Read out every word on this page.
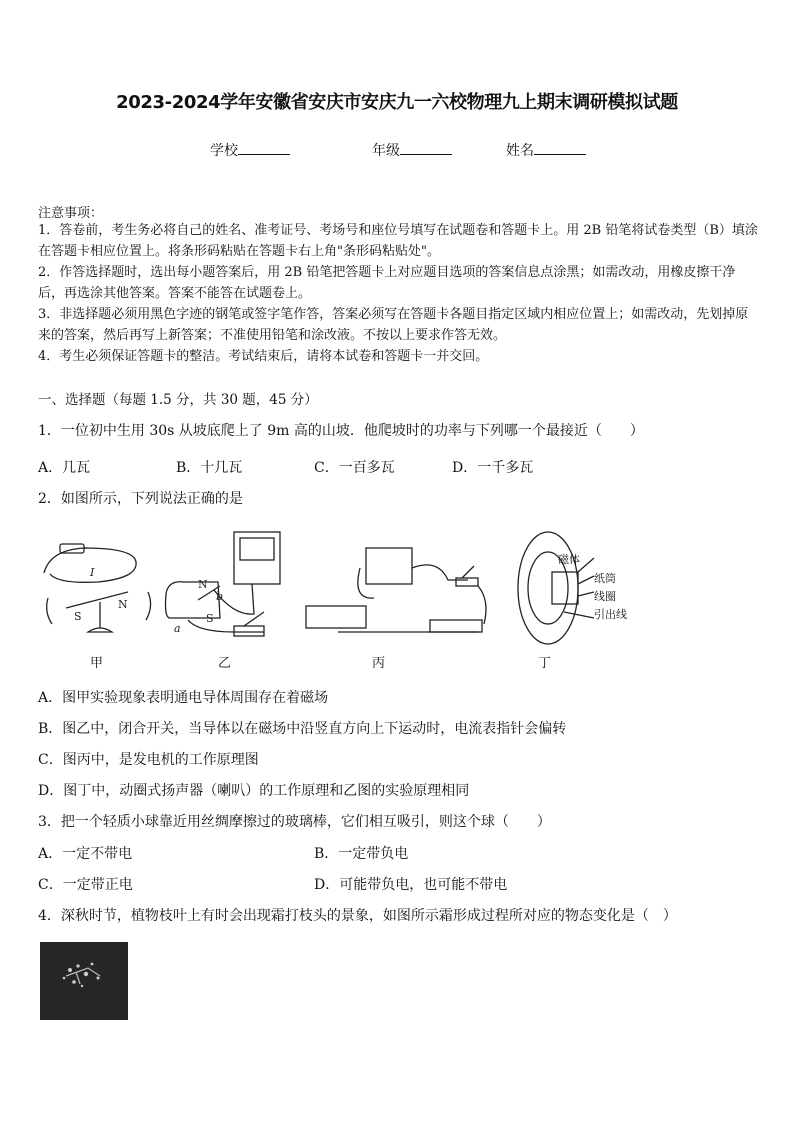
2023-2024学年安徽省安庆市安庆九一六校物理九上期末调研模拟试题
学校	年级	姓名
注意事项：
1．答卷前，考生务必将自己的姓名、准考证号、考场号和座位号填写在试题卷和答题卡上。用 2B 铅笔将试卷类型（B）填涂在答题卡相应位置上。将条形码粘贴在答题卡右上角"条形码粘贴处"。
2．作答选择题时，选出每小题答案后，用 2B 铅笔把答题卡上对应题目选项的答案信息点涂黑；如需改动，用橡皮擦干净后，再选涂其他答案。答案不能答在试题卷上。
3．非选择题必须用黑色字迹的钢笔或签字笔作答，答案必须写在答题卡各题目指定区域内相应位置上；如需改动，先划掉原来的答案，然后再写上新答案；不准使用铅笔和涂改液。不按以上要求作答无效。
4．考生必须保证答题卡的整洁。考试结束后，请将本试卷和答题卡一并交回。
一、选择题（每题 1.5 分，共 30 题，45 分）
1．一位初中生用 30s 从坡底爬上了 9m 高的山坡．他爬坡时的功率与下列哪一个最接近（　　）
A．几瓦	B．十几瓦	C．一百多瓦	D．一千多瓦
2．如图所示，下列说法正确的是
I
S
N
N
S
a
b
磁体
纸筒
线圈
引出线
甲	乙	丙	丁
A．图甲实验现象表明通电导体周围存在着磁场
B．图乙中，闭合开关，当导体以在磁场中沿竖直方向上下运动时，电流表指针会偏转
C．图丙中，是发电机的工作原理图
D．图丁中，动圈式扬声器（喇叭）的工作原理和乙图的实验原理相同
3．把一个轻质小球靠近用丝绸摩擦过的玻璃棒，它们相互吸引，则这个球（　　）
A．一定不带电	B．一定带负电
C．一定带正电	D．可能带负电，也可能不带电
4．深秋时节，植物枝叶上有时会出现霜打枝头的景象，如图所示霜形成过程所对应的物态变化是（　）
